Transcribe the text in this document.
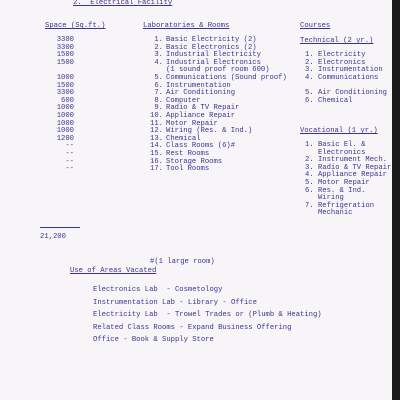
2.  Electrical Facility
Space (Sq.ft.)	Laboratories & Rooms	Courses
3300
3300
1500
1500

1000
1500
3300
600
1000
1000
1000
1000
1200
--
--
--
--
21,200
1. Basic Electricity (2)
2. Basic Electronics (2)
3. Industrial Electricity
4. Industrial Electronics

(1 sound proof room 600)
5. Communications (Sound proof)
6. Instrumentation
7. Air Conditioning
8. Computer
9. Radio & TV Repair
10. Appliance Repair
11. Motor Repair
12. Wiring (Res. & Ind.)
13. Chemical
14. Class Rooms (6)#
15. Rest Rooms
16. Storage Rooms
17. Tool Rooms
Technical (2 yr.)
1. Electricity
2. Electronics
3. Instrumentation
4. Communications

5. Air Conditioning
6. Chemical
Vocational (1 yr.)
1. Basic El. &
Electronics
2. Instrument Mech.
3. Radio & TV Repair
4. Appliance Repair
5. Motor Repair
6. Res. & Ind.
Wiring
7. Refrigeration
Mechanic
#(1 large room)
Use of Areas Vacated
Electronics Lab  - Cosmetology
Instrumentation Lab - Library - Office
Electricity Lab  - Trowel Trades or (Plumb & Heating)
Related Class Rooms - Expand Business Offering
Office - Book & Supply Store
